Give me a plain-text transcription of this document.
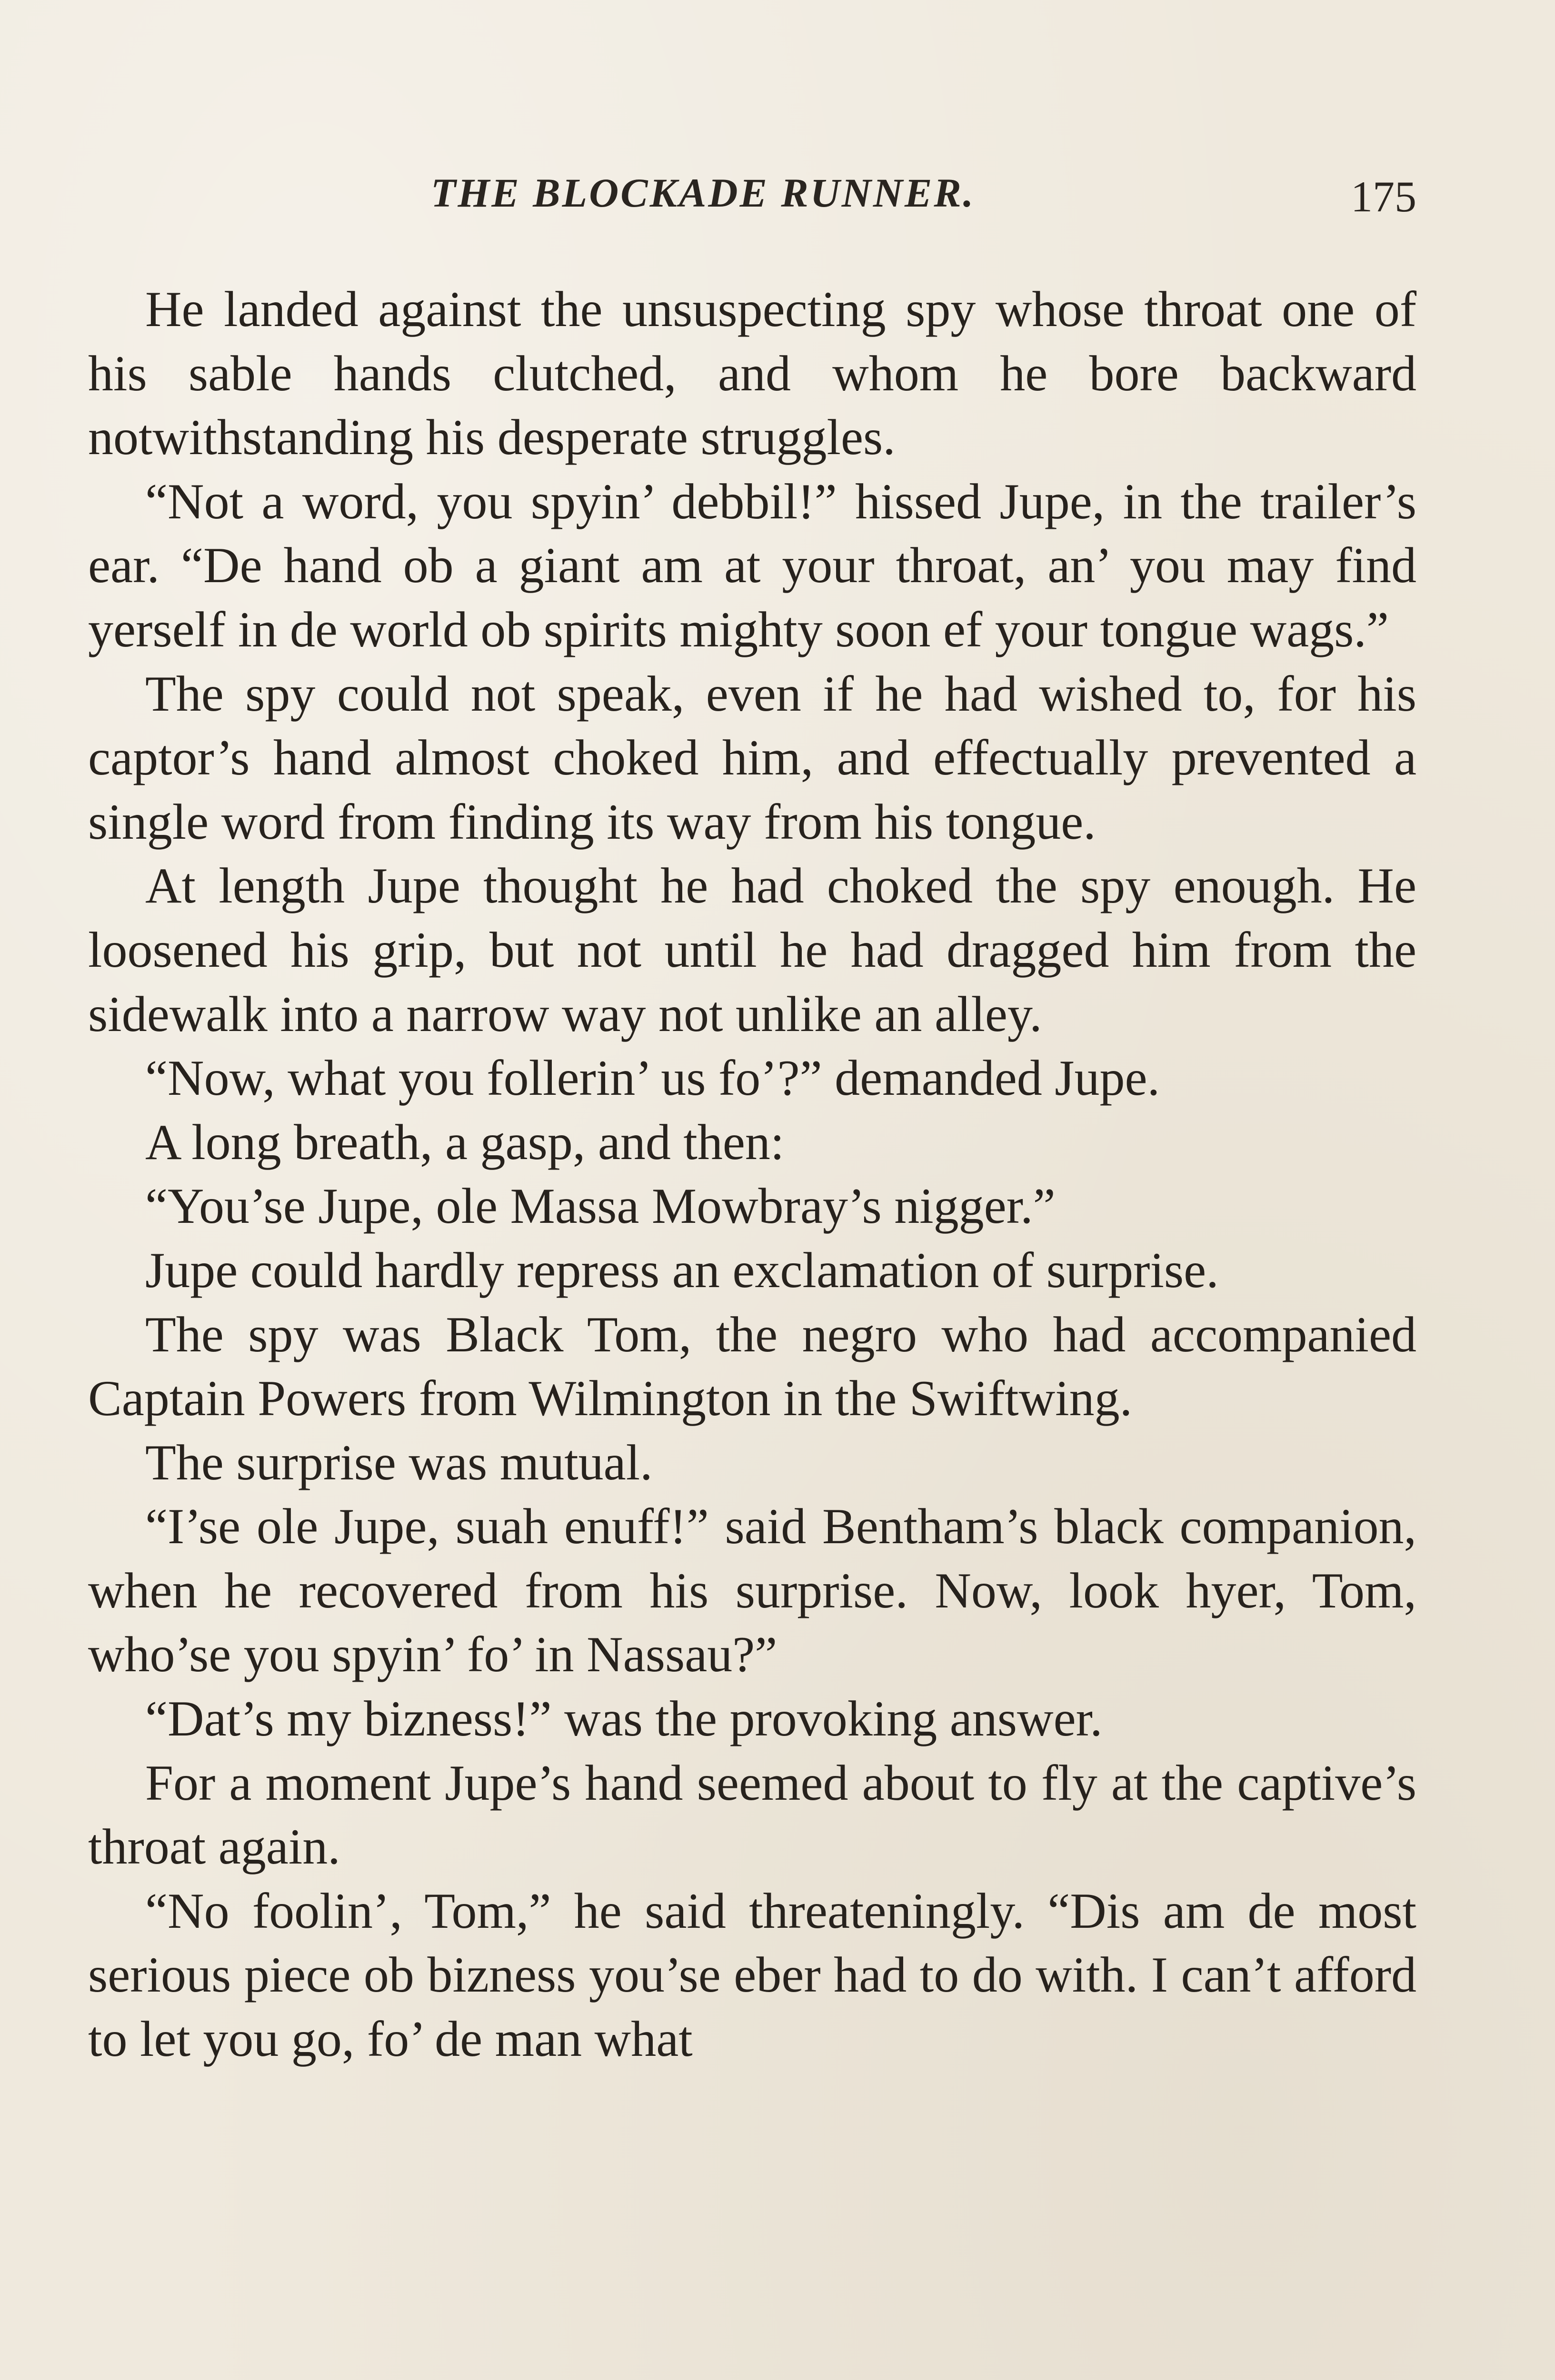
THE BLOCKADE RUNNER.	175

He landed against the unsuspecting spy whose throat one of his sable hands clutched, and whom he bore backward notwithstanding his desperate struggles.

“Not a word, you spyin’ debbil!” hissed Jupe, in the trailer’s ear. “De hand ob a giant am at your throat, an’ you may find yerself in de world ob spirits mighty soon ef your tongue wags.”

The spy could not speak, even if he had wished to, for his captor’s hand almost choked him, and effectually prevented a single word from finding its way from his tongue.

At length Jupe thought he had choked the spy enough. He loosened his grip, but not until he had dragged him from the sidewalk into a narrow way not unlike an alley.

“Now, what you follerin’ us fo’?” demanded Jupe.

A long breath, a gasp, and then:

“You’se Jupe, ole Massa Mowbray’s nigger.”

Jupe could hardly repress an exclamation of surprise.

The spy was Black Tom, the negro who had accompanied Captain Powers from Wilmington in the Swiftwing.

The surprise was mutual.

“I’se ole Jupe, suah enuff!” said Bentham’s black companion, when he recovered from his surprise. Now, look hyer, Tom, who’se you spyin’ fo’ in Nassau?”

“Dat’s my bizness!” was the provoking answer.

For a moment Jupe’s hand seemed about to fly at the captive’s throat again.

“No foolin’, Tom,” he said threateningly. “Dis am de most serious piece ob bizness you’se eber had to do with. I can’t afford to let you go, fo’ de man what
